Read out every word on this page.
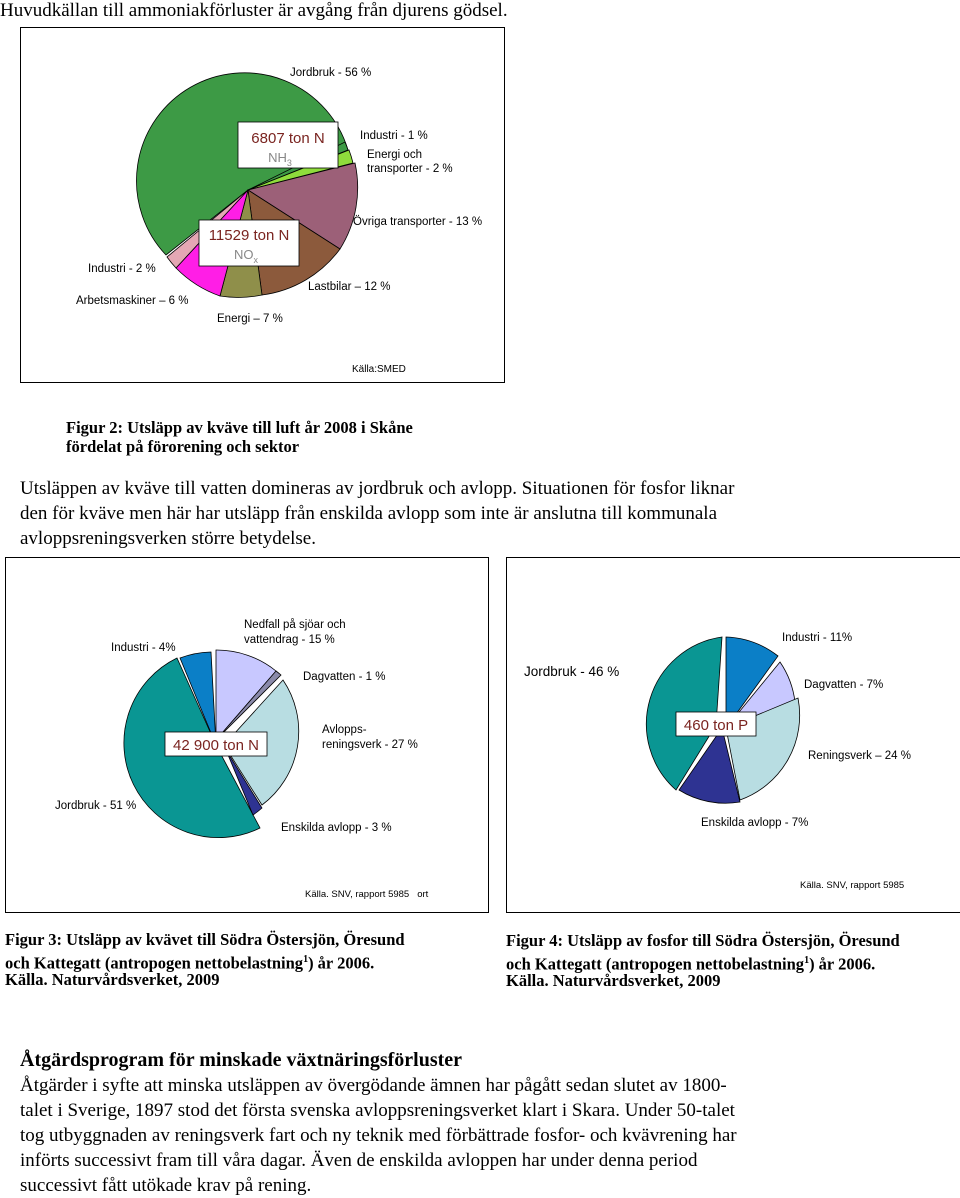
Huvudkällan till ammoniakförluster är avgång från djurens gödsel.

6807 ton N
$NH_3$
11529 ton N
$NO_x$
Jordbruk - 56 %
Industri - 1 %
Energi och
transporter - 2 %
Övriga transporter - 13 %
Lastbilar – 12 %
Energi – 7 %
Arbetsmaskiner – 6 %
Industri - 2 %
Källa:SMED

Figur 2: Utsläpp av kväve till luft år 2008 i Skåne

fördelat på förorening och sektor

Utsläppen av kväve till vatten domineras av jordbruk och avlopp. Situationen för fosfor liknar

den för kväve men här har utsläpp från enskilda avlopp som inte är anslutna till kommunala

avloppsreningsverken större betydelse.

42 900 ton N
Industri - 4%
Nedfall på sjöar och
vattendrag - 15 %
Dagvatten - 1 %
Avlopps-
reningsverk - 27 %
Jordbruk - 51 %
Enskilda avlopp - 3 %
Källa. SNV, rapport 5985 ort
460 ton P
Industri - 11%
Jordbruk - 46 %
Dagvatten - 7%
Reningsverk – 24 %
Enskilda avlopp - 7%
Källa. SNV, rapport 5985

Figur 3: Utsläpp av kvävet till Södra Östersjön, Öresund

och Kattegatt (antropogen nettobelastning$^1$) år 2006.

Källa. Naturvårdsverket, 2009

Figur 4: Utsläpp av fosfor till Södra Östersjön, Öresund

och Kattegatt (antropogen nettobelastning$^1$) år 2006.

Källa. Naturvårdsverket, 2009

Åtgärdsprogram för minskade växtnäringsförluster

Åtgärder i syfte att minska utsläppen av övergödande ämnen har pågått sedan slutet av 1800-

talet i Sverige, 1897 stod det första svenska avloppsreningsverket klart i Skara. Under 50-talet

tog utbyggnaden av reningsverk fart och ny teknik med förbättrade fosfor- och kvävrening har

införts successivt fram till våra dagar. Även de enskilda avloppen har under denna period

successivt fått utökade krav på rening.
